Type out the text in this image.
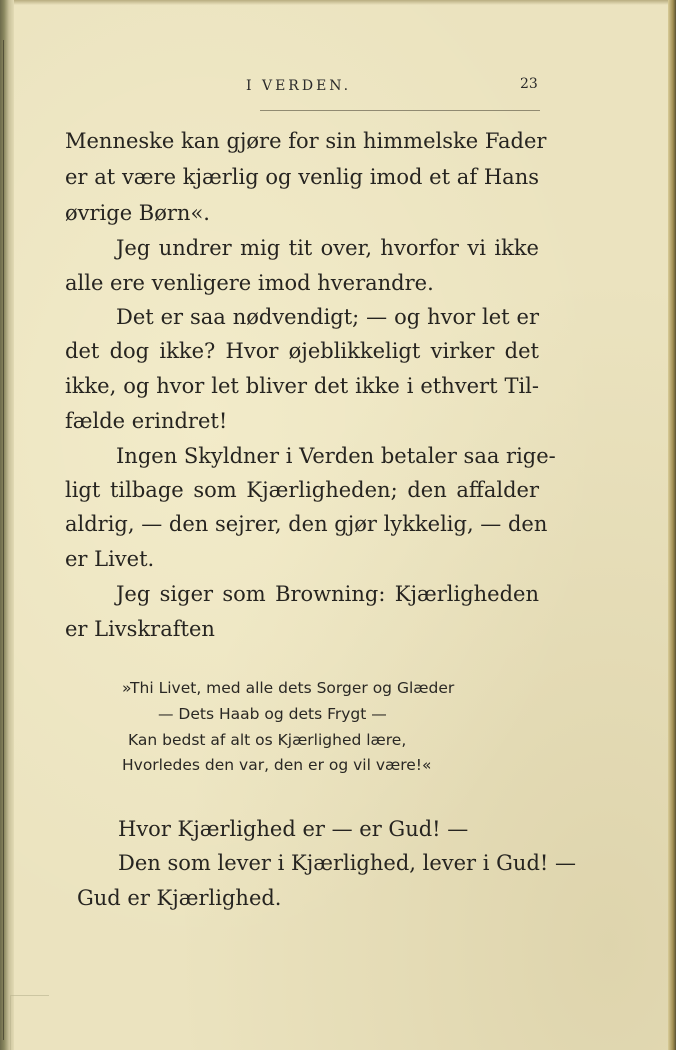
I VERDEN.	23
Menneske kan gjøre for sin himmelske Fader
er at være kjærlig og venlig imod et af Hans
øvrige Børn«.
Jeg undrer mig tit over, hvorfor vi ikke
alle ere venligere imod hverandre.
Det er saa nødvendigt; — og hvor let er
det dog ikke? Hvor øjeblikkeligt virker det
ikke, og hvor let bliver det ikke i ethvert Til-
fælde erindret!
Ingen Skyldner i Verden betaler saa rige-
ligt tilbage som Kjærligheden; den affalder
aldrig, — den sejrer, den gjør lykkelig, — den
er Livet.
Jeg siger som Browning: Kjærligheden
er Livskraften
»Thi Livet, med alle dets Sorger og Glæder
— Dets Haab og dets Frygt —
Kan bedst af alt os Kjærlighed lære,
Hvorledes den var, den er og vil være!«
Hvor Kjærlighed er — er Gud! —
Den som lever i Kjærlighed, lever i Gud! —
Gud er Kjærlighed.
